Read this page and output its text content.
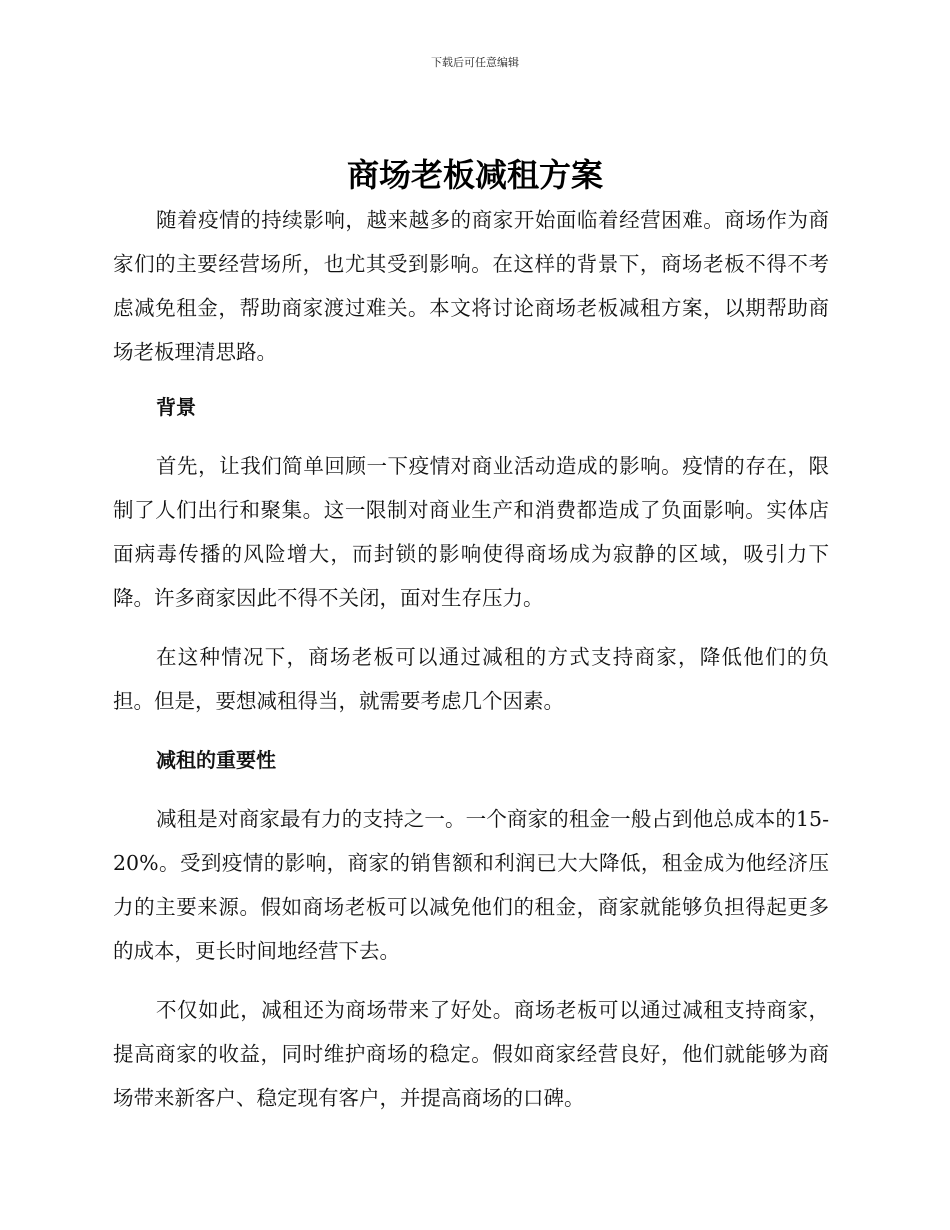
下载后可任意编辑
商场老板减租方案

随着疫情的持续影响，越来越多的商家开始面临着经营困难。商场作为商家们的主要经营场所，也尤其受到影响。在这样的背景下，商场老板不得不考虑减免租金，帮助商家渡过难关。本文将讨论商场老板减租方案，以期帮助商场老板理清思路。

背景

首先，让我们简单回顾一下疫情对商业活动造成的影响。疫情的存在，限制了人们出行和聚集。这一限制对商业生产和消费都造成了负面影响。实体店面病毒传播的风险增大，而封锁的影响使得商场成为寂静的区域，吸引力下降。许多商家因此不得不关闭，面对生存压力。

在这种情况下，商场老板可以通过减租的方式支持商家，降低他们的负担。但是，要想减租得当，就需要考虑几个因素。

减租的重要性

减租是对商家最有力的支持之一。一个商家的租金一般占到他总成本的15-20%。受到疫情的影响，商家的销售额和利润已大大降低，租金成为他经济压力的主要来源。假如商场老板可以减免他们的租金，商家就能够负担得起更多的成本，更长时间地经营下去。

不仅如此，减租还为商场带来了好处。商场老板可以通过减租支持商家，提高商家的收益，同时维护商场的稳定。假如商家经营良好，他们就能够为商场带来新客户、稳定现有客户，并提高商场的口碑。
